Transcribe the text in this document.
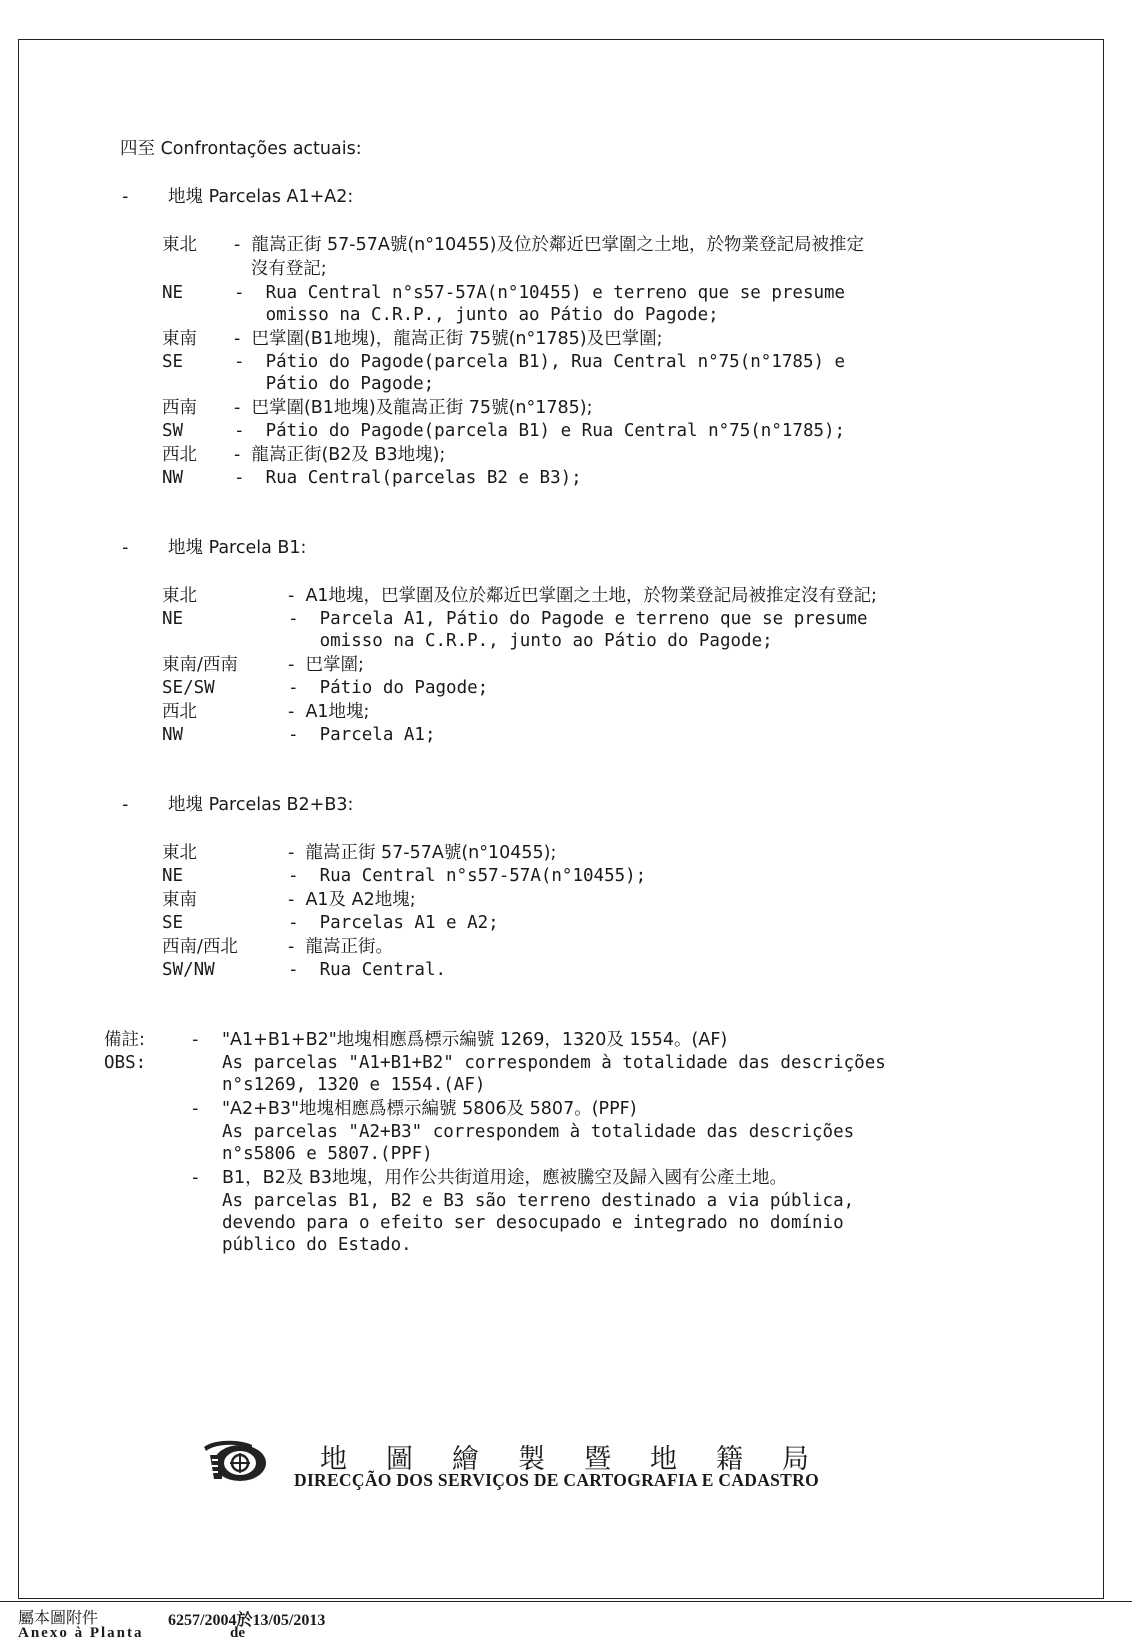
四至 Confrontações actuais:
- 地塊 Parcelas A1+A2:
東北 -  龍嵩正街 57-57A號(n°10455)及位於鄰近巴掌圍之土地，於物業登記局被推定
沒有登記;
NE	-  Rua Central n°s57-57A(n°10455) e terreno que se presume
omisso na C.R.P., junto ao Pátio do Pagode;
東南 -  巴掌圍(B1地塊)，龍嵩正街 75號(n°1785)及巴掌圍;
SE	-  Pátio do Pagode(parcela B1), Rua Central n°75(n°1785) e
Pátio do Pagode;
西南 -  巴掌圍(B1地塊)及龍嵩正街 75號(n°1785);
SW	-  Pátio do Pagode(parcela B1) e Rua Central n°75(n°1785);
西北 -  龍嵩正街(B2及 B3地塊);
NW	-  Rua Central(parcelas B2 e B3);
- 地塊 Parcela B1:
東北	-  A1地塊，巴掌圍及位於鄰近巴掌圍之土地，於物業登記局被推定沒有登記;
NE	-  Parcela A1, Pátio do Pagode e terreno que se presume
omisso na C.R.P., junto ao Pátio do Pagode;
東南/西南	-  巴掌圍;
SE/SW	-  Pátio do Pagode;
西北	-  A1地塊;
NW	-  Parcela A1;
- 地塊 Parcelas B2+B3:
東北	-  龍嵩正街 57-57A號(n°10455);
NE	-  Rua Central n°s57-57A(n°10455);
東南	-  A1及 A2地塊;
SE	-  Parcelas A1 e A2;
西南/西北	-  龍嵩正街。
SW/NW	-  Rua Central.
備註:
OBS:
- "A1+B1+B2"地塊相應爲標示編號 1269，1320及 1554。(AF)
As parcelas "A1+B1+B2" correspondem à totalidade das descrições
n°s1269, 1320 e 1554.(AF)
- "A2+B3"地塊相應爲標示編號 5806及 5807。(PPF)
As parcelas "A2+B3" correspondem à totalidade das descrições
n°s5806 e 5807.(PPF)
- B1，B2及 B3地塊，用作公共街道用途，應被騰空及歸入國有公產土地。
As parcelas B1, B2 e B3 são terreno destinado a via pública,
devendo para o efeito ser desocupado e integrado no domínio
público do Estado.
地圖繪製暨地籍局
DIRECÇÃO DOS SERVIÇOS DE CARTOGRAFIA E CADASTRO
屬本圖附件
Anexo à Planta
6257/2004於13/05/2013
de
